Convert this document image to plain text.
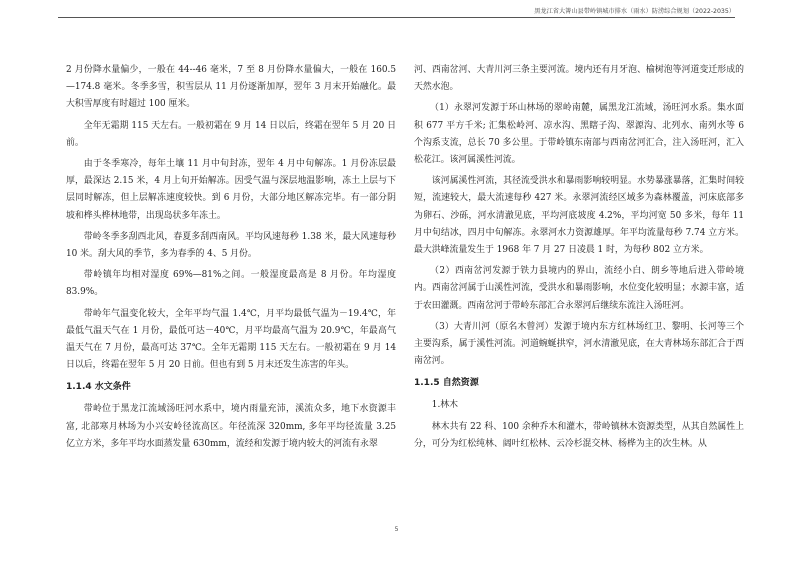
黑龙江省大箐山县带岭镇城市排水（雨水）防涝综合规划（2022-2035）

2 月份降水量偏少，一般在 44--46 毫米，7 至 8 月份降水量偏大，一般在 160.5—174.8 毫米。冬季多雪，积雪层从 11 月份逐渐加厚，翌年 3 月末开始融化。最大积雪厚度有时超过 100 厘米。

全年无霜期 115 天左右。一般初霜在 9 月 14 日以后，终霜在翌年 5 月 20 日前。

由于冬季寒冷，每年土壤 11 月中旬封冻，翌年 4 月中旬解冻。1 月份冻层最厚，最深达 2.15 米，4 月上旬开始解冻。因受气温与深层地温影响，冻土上层与下层同时解冻，但上层解冻速度较快。到 6 月份，大部分地区解冻完毕。有一部分阴坡和桦头桦林地带，出现岛状多年冻土。

带岭冬季多刮西北风，春夏多刮西南风。平均风速每秒 1.38 米，最大风速每秒 10 米。刮大风的季节，多为春季的 4、5 月份。

带岭镇年均相对湿度 69%—81%之间。一般湿度最高是 8 月份。年均湿度 83.9%。

带岭年气温变化较大，全年平均气温 1.4℃，月平均最低气温为－19.4℃，年最低气温天气在 1 月份，最低可达－40℃，月平均最高气温为 20.9℃，年最高气温天气在 7 月份，最高可达 37℃。全年无霜期 115 天左右。一般初霜在 9 月 14 日以后，终霜在翌年 5 月 20 日前。但也有到 5 月末还发生冻害的年头。

1.1.4 水文条件

带岭位于黑龙江流域汤旺河水系中，境内雨量充沛，溪流众多，地下水资源丰富, 北部寒月林场为小兴安岭径流高区。年径流深 320mm, 多年平均径流量 3.25 亿立方米，多年平均水面蒸发量 630mm，流经和发源于境内较大的河流有永翠

河、西南岔河、大青川河三条主要河流。境内还有月牙泡、榆树泡等河道变迁形成的天然水泡。

（1）永翠河发源于环山林场的翠岭南麓，属黑龙江流域，汤旺河水系。集水面积 677 平方千米; 汇集松岭河、凉水沟、黑瞎子沟、翠源沟、北列水、南列水等 6 个沟系支流，总长 70 多公里。于带岭镇东南部与西南岔河汇合，注入汤旺河，汇入松花江。该河属溪性河流。

该河属溪性河流，其径流受洪水和暴雨影响较明显。水势暴涨暴落，汇集时间较短，流速较大，最大流速每秒 427 米。永翠河流经区域多为森林覆盖，河床底部多为卵石、沙砾，河水清澈见底，平均河底坡度 4.2%，平均河宽 50 多米，每年 11 月中旬结冰，四月中旬解冻。永翠河水力资源雄厚。年平均流量每秒 7.74 立方米。最大洪峰流量发生于 1968 年 7 月 27 日凌晨 1 时，为每秒 802 立方米。

（2）西南岔河发源于铁力县境内的界山，流经小白、朗乡等地后进入带岭境内。西南岔河属于山溪性河流，受洪水和暴雨影响，水位变化较明显；水源丰富，适于农田灌溉。西南岔河于带岭东部汇合永翠河后继续东流注入汤旺河。

（3）大青川河（原名木曾河）发源于境内东方红林场红卫、黎明、长河等三个主要沟系，属于溪性河流。河道蜿蜒拱窄，河水清澈见底，在大青林场东部汇合于西南岔河。

1.1.5 自然资源

1.林木

林木共有 22 科、100 余种乔木和灌木，带岭镇林木资源类型，从其自然属性上分，可分为红松纯林、阔叶红松林、云冷杉混交林、杨桦为主的次生林。从

5
